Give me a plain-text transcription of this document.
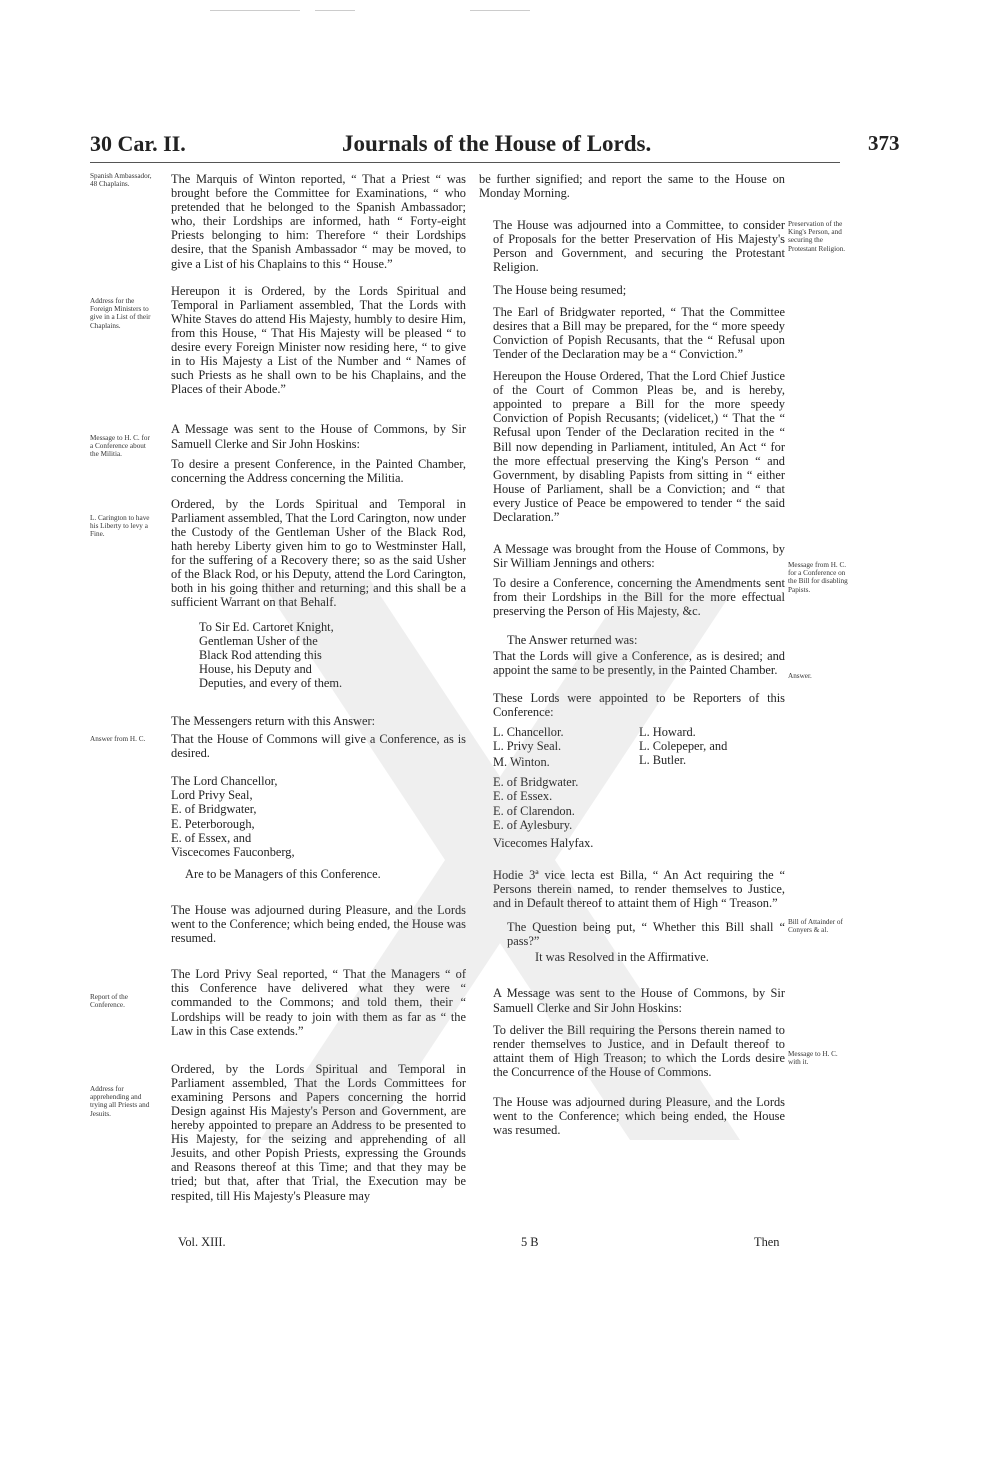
30 Car. II.	Journals of the House of Lords.	373
Spanish Ambassador, 48 Chaplains.
Address for the Foreign Ministers to give in a List of their Chaplains.
Message to H. C. for a Conference about the Militia.
L. Carington to have his Liberty to levy a Fine.
Answer from H. C.
Report of the Conference.
Address for apprehending and trying all Priests and Jesuits.
Preservation of the King's Person, and securing the Protestant Religion.
Message from H. C. for a Conference on the Bill for disabling Papists.
Answer.
Bill of Attainder of Conyers & al.
Message to H. C. with it.

The Marquis of Winton reported, “ That a Priest “ was brought before the Committee for Examinations, “ who pretended that he belonged to the Spanish Ambassador; who, their Lordships are informed, hath “ Forty-eight Priests belonging to him: Therefore “ their Lordships desire, that the Spanish Ambassador “ may be moved, to give a List of his Chaplains to this “ House.”

Hereupon it is Ordered, by the Lords Spiritual and Temporal in Parliament assembled, That the Lords with White Staves do attend His Majesty, humbly to desire Him, from this House, “ That His Majesty will be pleased “ to desire every Foreign Minister now residing here, “ to give in to His Majesty a List of the Number and “ Names of such Priests as he shall own to be his Chaplains, and the Places of their Abode.”

A Message was sent to the House of Commons, by Sir Samuell Clerke and Sir John Hoskins:

To desire a present Conference, in the Painted Chamber, concerning the Address concerning the Militia.

Ordered, by the Lords Spiritual and Temporal in Parliament assembled, That the Lord Carington, now under the Custody of the Gentleman Usher of the Black Rod, hath hereby Liberty given him to go to Westminster Hall, for the suffering of a Recovery there; so as the said Usher of the Black Rod, or his Deputy, attend the Lord Carington, both in his going thither and returning; and this shall be a sufficient Warrant on that Behalf.

To Sir Ed. Cartoret Knight, Gentleman Usher of the Black Rod attending this House, his Deputy and Deputies, and every of them.

The Messengers return with this Answer:

That the House of Commons will give a Conference, as is desired.

The Lord Chancellor,
Lord Privy Seal,
E. of Bridgwater,
E. Peterborough,
E. of Essex, and
Viscecomes Fauconberg,

Are to be Managers of this Conference.

The House was adjourned during Pleasure, and the Lords went to the Conference; which being ended, the House was resumed.

The Lord Privy Seal reported, “ That the Managers “ of this Conference have delivered what they were “ commanded to the Commons; and told them, their “ Lordships will be ready to join with them as far as “ the Law in this Case extends.”

Ordered, by the Lords Spiritual and Temporal in Parliament assembled, That the Lords Committees for examining Persons and Papers concerning the horrid Design against His Majesty's Person and Government, are hereby appointed to prepare an Address to be presented to His Majesty, for the seizing and apprehending of all Jesuits, and other Popish Priests, expressing the Grounds and Reasons thereof at this Time; and that they may be tried; but that, after that Trial, the Execution may be respited, till His Majesty's Pleasure may

be further signified; and report the same to the House on Monday Morning.

The House was adjourned into a Committee, to consider of Proposals for the better Preservation of His Majesty's Person and Government, and securing the Protestant Religion.

The House being resumed;

The Earl of Bridgwater reported, “ That the Committee desires that a Bill may be prepared, for the “ more speedy Conviction of Popish Recusants, that the “ Refusal upon Tender of the Declaration may be a “ Conviction.”

Hereupon the House Ordered, That the Lord Chief Justice of the Court of Common Pleas be, and is hereby, appointed to prepare a Bill for the more speedy Conviction of Popish Recusants; (videlicet,) “ That the “ Refusal upon Tender of the Declaration recited in the “ Bill now depending in Parliament, intituled, An Act “ for the more effectual preserving the King's Person “ and Government, by disabling Papists from sitting in “ either House of Parliament, shall be a Conviction; and “ that every Justice of Peace be empowered to tender “ the said Declaration.”

A Message was brought from the House of Commons, by Sir William Jennings and others:

To desire a Conference, concerning the Amendments sent from their Lordships in the Bill for the more effectual preserving the Person of His Majesty, &c.

The Answer returned was:

That the Lords will give a Conference, as is desired; and appoint the same to be presently, in the Painted Chamber.

These Lords were appointed to be Reporters of this Conference:

L. Chancellor.
L. Privy Seal.
L. Howard.
L. Colepeper, and
L. Butler.
M. Winton.
E. of Bridgwater.
E. of Essex.
E. of Clarendon.
E. of Aylesbury.
Vicecomes Halyfax.

Hodie 3ª vice lecta est Billa, “ An Act requiring the “ Persons therein named, to render themselves to Justice, and in Default thereof to attaint them of High “ Treason.”

The Question being put, “ Whether this Bill shall “ pass?”

It was Resolved in the Affirmative.

A Message was sent to the House of Commons, by Sir Samuell Clerke and Sir John Hoskins:

To deliver the Bill requiring the Persons therein named to render themselves to Justice, and in Default thereof to attaint them of High Treason; to which the Lords desire the Concurrence of the House of Commons.

The House was adjourned during Pleasure, and the Lords went to the Conference; which being ended, the House was resumed.

Vol. XIII.	5 B	Then
